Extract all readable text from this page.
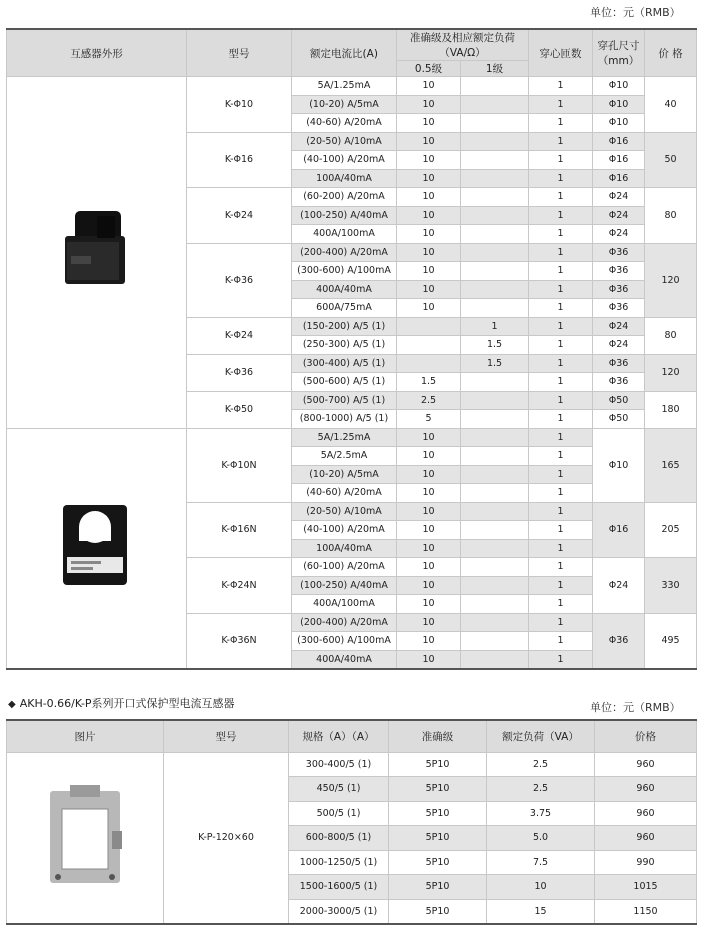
单位：元（RMB）
互感器外形	型号	额定电流比(A)	准确级及相应额定负荷（VA/Ω）		穿心匝数	穿孔尺寸（mm）	价 格
			0.5级	1级			
	K-Φ10	5A/1.25mA	10		1	Φ10	40
		(10-20) A/5mA	10		1	Φ10	
		(40-60) A/20mA	10		1	Φ10	
	K-Φ16	(20-50) A/10mA	10		1	Φ16	50
		(40-100) A/20mA	10		1	Φ16	
		100A/40mA	10		1	Φ16	
	K-Φ24	(60-200) A/20mA	10		1	Φ24	80
		(100-250) A/40mA	10		1	Φ24	
		400A/100mA	10		1	Φ24	
	K-Φ36	(200-400) A/20mA	10		1	Φ36	120
		(300-600) A/100mA	10		1	Φ36	
		400A/40mA	10		1	Φ36	
		600A/75mA	10		1	Φ36	
	K-Φ24	(150-200) A/5 (1)		1	1	Φ24	80
		(250-300) A/5 (1)		1.5	1	Φ24	
	K-Φ36	(300-400) A/5 (1)		1.5	1	Φ36	120
		(500-600) A/5 (1)	1.5		1	Φ36	
	K-Φ50	(500-700) A/5 (1)	2.5		1	Φ50	180
		(800-1000) A/5 (1)	5		1	Φ50	
	K-Φ10N	5A/1.25mA	10		1	Φ10	165
		5A/2.5mA	10		1		
		(10-20) A/5mA	10		1		
		(40-60) A/20mA	10		1		
	K-Φ16N	(20-50) A/10mA	10		1	Φ16	205
		(40-100) A/20mA	10		1		
		100A/40mA	10		1		
	K-Φ24N	(60-100) A/20mA	10		1	Φ24	330
		(100-250) A/40mA	10		1		
		400A/100mA	10		1		
	K-Φ36N	(200-400) A/20mA	10		1	Φ36	495
		(300-600) A/100mA	10		1		
		400A/40mA	10		1		
◆ AKH-0.66/K-P系列开口式保护型电流互感器	单位：元（RMB）
图片	型号	规格（A）（A）	准确级	额定负荷（VA）	价格
	K-P-120×60	300-400/5 (1)	5P10	2.5	960
		450/5 (1)	5P10	2.5	960
		500/5 (1)	5P10	3.75	960
		600-800/5 (1)	5P10	5.0	960
		1000-1250/5 (1)	5P10	7.5	990
		1500-1600/5 (1)	5P10	10	1015
		2000-3000/5 (1)	5P10	15	1150
